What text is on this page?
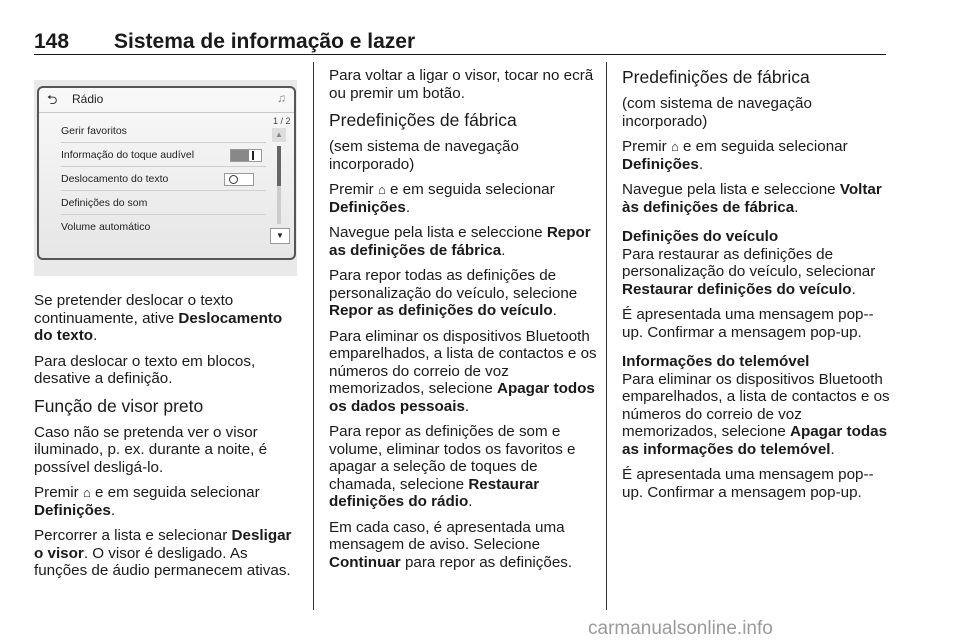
148 Sistema de informação e lazer
⮌ Rádio	♫
Gerir favoritos
Informação do toque audível
Deslocamento do texto
Definições do som
Volume automático
1 / 2
▲
▼

Se pretender deslocar o texto continuamente, ative Deslocamento do texto.

Para deslocar o texto em blocos, desative a definição.

Função de visor preto

Caso não se pretenda ver o visor iluminado, p. ex. durante a noite, é possível desligá-lo.

Premir ⌂ e em seguida selecionar Definições.

Percorrer a lista e selecionar Desligar o visor. O visor é desligado. As funções de áudio permanecem ativas.

Para voltar a ligar o visor, tocar no ecrã ou premir um botão.

Predefinições de fábrica

(sem sistema de navegação incorporado)

Premir ⌂ e em seguida selecionar Definições.

Navegue pela lista e seleccione Repor as definições de fábrica.

Para repor todas as definições de personalização do veículo, selecione Repor as definições do veículo.

Para eliminar os dispositivos Bluetooth emparelhados, a lista de contactos e os números do correio de voz memorizados, selecione Apagar todos os dados pessoais.

Para repor as definições de som e volume, eliminar todos os favoritos e apagar a seleção de toques de chamada, selecione Restaurar definições do rádio.

Em cada caso, é apresentada uma mensagem de aviso. Selecione Continuar para repor as definições.

Predefinições de fábrica

(com sistema de navegação incorporado)

Premir ⌂ e em seguida selecionar Definições.

Navegue pela lista e seleccione Voltar às definições de fábrica.

Definições do veículo

Para restaurar as definições de personalização do veículo, selecionar Restaurar definições do veículo.

É apresentada uma mensagem pop--up. Confirmar a mensagem pop-up.

Informações do telemóvel

Para eliminar os dispositivos Bluetooth emparelhados, a lista de contactos e os números do correio de voz memorizados, selecione Apagar todas as informações do telemóvel.

É apresentada uma mensagem pop--up. Confirmar a mensagem pop-up.

carmanualsonline.info
